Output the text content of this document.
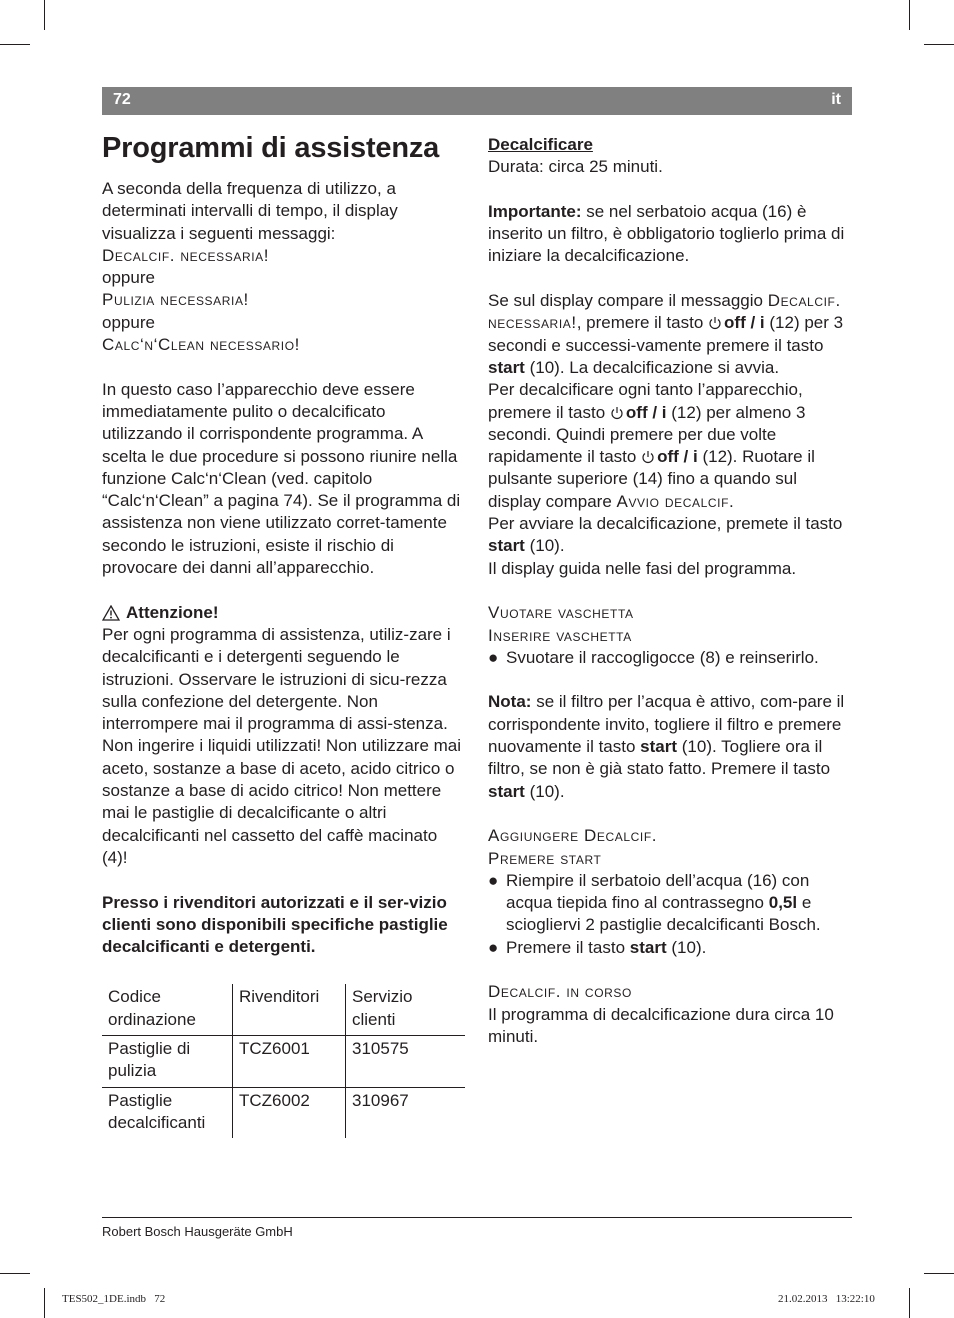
72	it
Programmi di assistenza

A seconda della frequenza di utilizzo, a determinati intervalli di tempo, il display visualizza i seguenti messaggi:

Decalcif. necessaria!

oppure

Pulizia necessaria!

oppure

Calc‘n‘Clean necessario!

In questo caso l’apparecchio deve essere immediatamente pulito o decalcificato utilizzando il corrispondente programma. A scelta le due procedure si possono riunire nella funzione Calc‘n‘Clean (ved. capitolo “Calc‘n‘Clean” a pagina 74). Se il programma di assistenza non viene utilizzato corret-tamente secondo le istruzioni, esiste il rischio di provocare dei danni all’apparecchio.

Attenzione!

Per ogni programma di assistenza, utiliz-zare i decalcificanti e i detergenti seguendo le istruzioni. Osservare le istruzioni di sicu-rezza sulla confezione del detergente. Non interrompere mai il programma di assi-stenza. Non ingerire i liquidi utilizzati! Non utilizzare mai aceto, sostanze a base di aceto, acido citrico o sostanze a base di acido citrico! Non mettere mai le pastiglie di decalcificante o altri decalcificanti nel cassetto del caffè macinato (4)!

Presso i rivenditori autorizzati e il ser-vizio clienti sono disponibili specifiche pastiglie decalcificanti e detergenti.

Codice ordinazione	Rivenditori	Servizio clienti
Pastiglie di pulizia	TCZ6001	310575
Pastiglie decalcificanti	TCZ6002	310967

Decalcificare

Durata: circa 25 minuti.

Importante: se nel serbatoio acqua (16) è inserito un filtro, è obbligatorio toglierlo prima di iniziare la decalcificazione.

Se sul display compare il messaggio Decalcif. necessaria!, premere il tasto off / i (12) per 3 secondi e successi-vamente premere il tasto start (10). La decalcificazione si avvia.

Per decalcificare ogni tanto l’apparecchio, premere il tasto off / i (12) per almeno 3 secondi. Quindi premere per due volte rapidamente il tasto off / i (12). Ruotare il pulsante superiore (14) fino a quando sul display compare Avvio decalcif.

Per avviare la decalcificazione, premete il tasto start (10).

Il display guida nelle fasi del programma.

Vuotare vaschetta

Inserire vaschetta

● Svuotare il raccogligocce (8) e reinserirlo.

Nota: se il filtro per l’acqua è attivo, com-pare il corrispondente invito, togliere il filtro e premere nuovamente il tasto start (10). Togliere ora il filtro, se non è già stato fatto. Premere il tasto start (10).

Aggiungere Decalcif.

Premere start

● Riempire il serbatoio dell’acqua (16) con acqua tiepida fino al contrassegno 0,5l e sciogliervi 2 pastiglie decalcificanti Bosch.
● Premere il tasto start (10).

Decalcif. in corso

Il programma di decalcificazione dura circa 10 minuti.

Robert Bosch Hausgeräte GmbH
TES502_1DE.indb   72	21.02.2013   13:22:10
